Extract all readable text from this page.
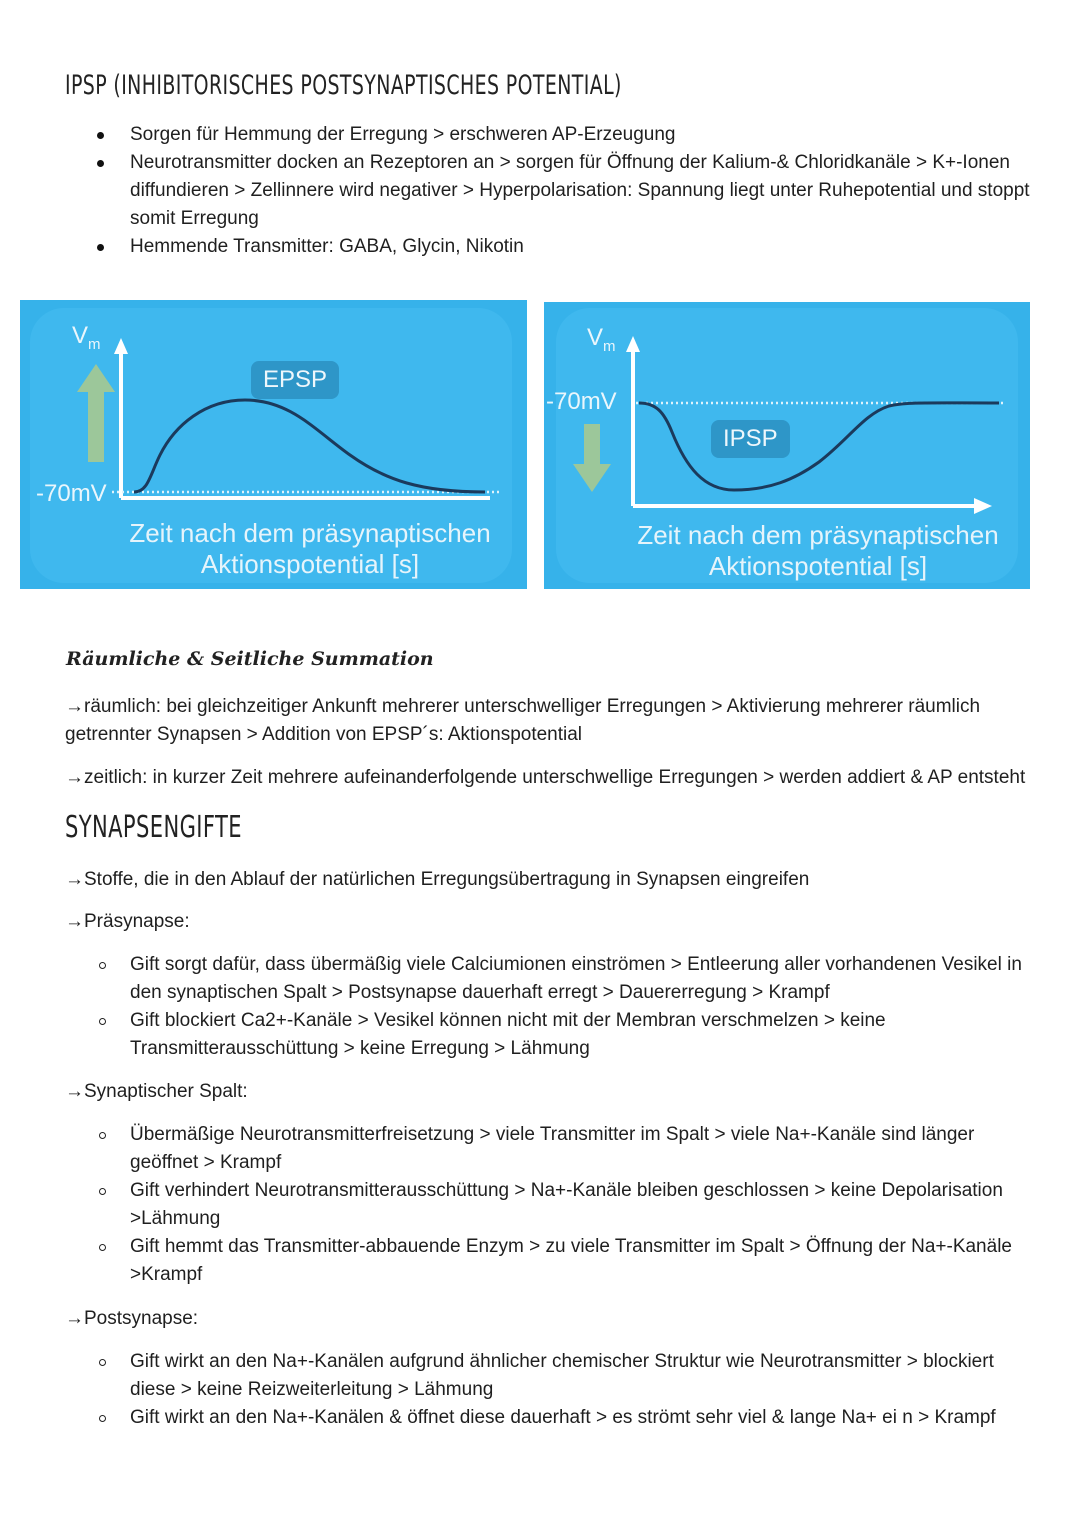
IPSP (INHIBITORISCHES POSTSYNAPTISCHES POTENTIAL)
Sorgen für Hemmung der Erregung > erschweren AP-Erzeugung
Neurotransmitter docken an Rezeptoren an > sorgen für Öffnung der Kalium-& Chloridkanäle > K+-Ionen diffundieren > Zellinnere wird negativer > Hyperpolarisation: Spannung liegt unter Ruhepotential und stoppt somit Erregung
Hemmende Transmitter: GABA, Glycin, Nikotin
$V_m$
-70mV
EPSP
Zeit nach dem präsynaptischen
Aktionspotential [s]
$V_m$
-70mV
IPSP
Zeit nach dem präsynaptischen
Aktionspotential [s]
Räumliche & Seitliche Summation
→räumlich: bei gleichzeitiger Ankunft mehrerer unterschwelliger Erregungen > Aktivierung mehrerer räumlich getrennter Synapsen > Addition von EPSP´s: Aktionspotential
→zeitlich: in kurzer Zeit mehrere aufeinanderfolgende unterschwellige Erregungen > werden addiert & AP entsteht
SYNAPSENGIFTE
→Stoffe, die in den Ablauf der natürlichen Erregungsübertragung in Synapsen eingreifen
→Präsynapse:
Gift sorgt dafür, dass übermäßig viele Calciumionen einströmen > Entleerung aller vorhandenen Vesikel in den synaptischen Spalt > Postsynapse dauerhaft erregt > Dauererregung > Krampf
Gift blockiert Ca2+-Kanäle > Vesikel können nicht mit der Membran verschmelzen > keine Transmitterausschüttung > keine Erregung > Lähmung
→Synaptischer Spalt:
Übermäßige Neurotransmitterfreisetzung > viele Transmitter im Spalt > viele Na+-Kanäle sind länger geöffnet > Krampf
Gift verhindert Neurotransmitterausschüttung > Na+-Kanäle bleiben geschlossen > keine Depolarisation >Lähmung
Gift hemmt das Transmitter-abbauende Enzym > zu viele Transmitter im Spalt > Öffnung der Na+-Kanäle >Krampf
→Postsynapse:
Gift wirkt an den Na+-Kanälen aufgrund ähnlicher chemischer Struktur wie Neurotransmitter > blockiert diese > keine Reizweiterleitung > Lähmung
Gift wirkt an den Na+-Kanälen & öffnet diese dauerhaft > es strömt sehr viel & lange Na+ ei n > Krampf
